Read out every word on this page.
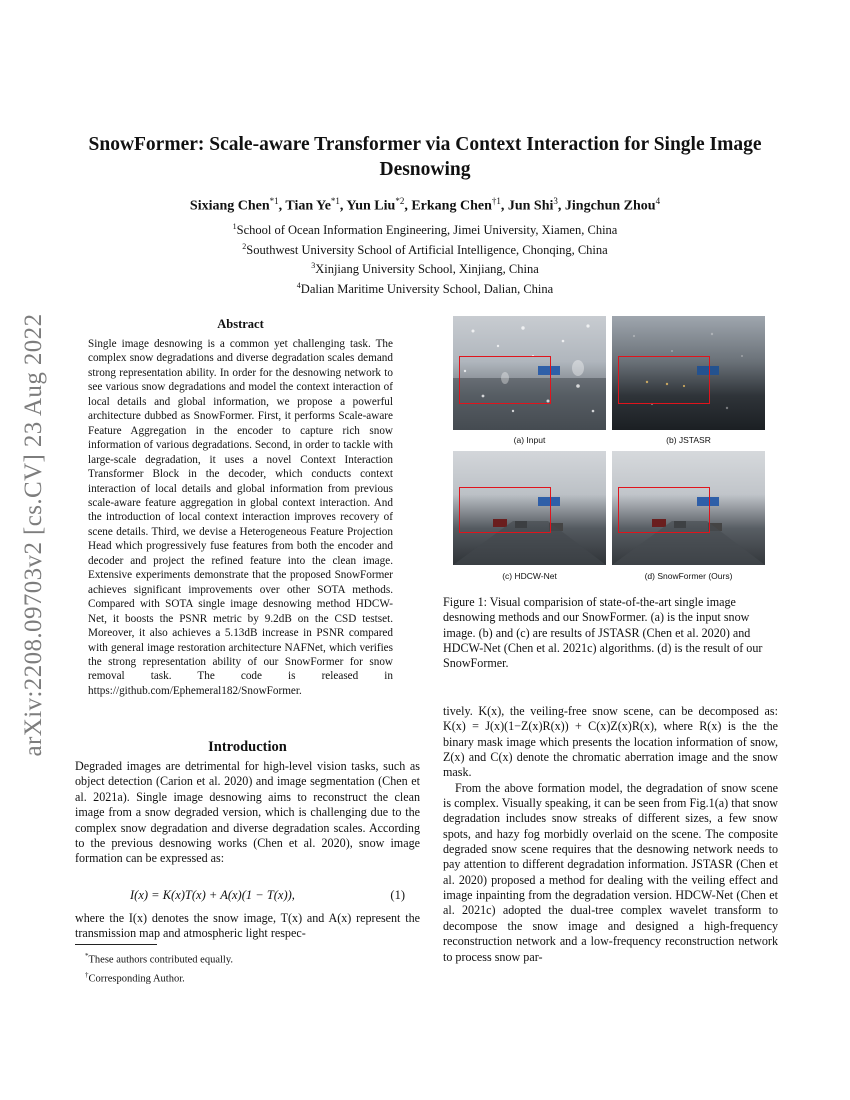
arXiv:2208.09703v2 [cs.CV] 23 Aug 2022
SnowFormer: Scale-aware Transformer via Context Interaction for Single Image Desnowing
Sixiang Chen$^{*1}$, Tian Ye$^{*1}$, Yun Liu$^{*2}$, Erkang Chen$^{\dagger 1}$, Jun Shi$^3$, Jingchun Zhou$^4$
$^1$School of Ocean Information Engineering, Jimei University, Xiamen, China
$^2$Southwest University School of Artificial Intelligence, Chonqing, China
$^3$Xinjiang University School, Xinjiang, China
$^4$Dalian Maritime University School, Dalian, China
Abstract
Single image desnowing is a common yet challenging task. The complex snow degradations and diverse degradation scales demand strong representation ability. In order for the desnowing network to see various snow degradations and model the context interaction of local details and global information, we propose a powerful architecture dubbed as SnowFormer. First, it performs Scale-aware Feature Aggregation in the encoder to capture rich snow information of various degradations. Second, in order to tackle with large-scale degradation, it uses a novel Context Interaction Transformer Block in the decoder, which conducts context interaction of local details and global information from previous scale-aware feature aggregation in global context interaction. And the introduction of local context interaction improves recovery of scene details. Third, we devise a Heterogeneous Feature Projection Head which progressively fuse features from both the encoder and decoder and project the refined feature into the clean image. Extensive experiments demonstrate that the proposed SnowFormer achieves significant improvements over other SOTA methods. Compared with SOTA single image desnowing method HDCW-Net, it boosts the PSNR metric by 9.2dB on the CSD testset. Moreover, it also achieves a 5.13dB increase in PSNR compared with general image restoration architecture NAFNet, which verifies the strong representation ability of our SnowFormer for snow removal task. The code is released in https://github.com/Ephemeral182/SnowFormer.
Introduction
Degraded images are detrimental for high-level vision tasks, such as object detection (Carion et al. 2020) and image segmentation (Chen et al. 2021a). Single image desnowing aims to reconstruct the clean image from a snow degraded version, which is challenging due to the complex snow degradation and diverse degradation scales. According to the previous desnowing works (Chen et al. 2020), snow image formation can be expressed as:
I(x) = K(x)T(x) + A(x)(1 − T(x)),	(1)
where the I(x) denotes the snow image, T(x) and A(x) represent the transmission map and atmospheric light respec-
*These authors contributed equally.
†Corresponding Author.
(a) Input	(b) JSTASR
(c) HDCW-Net	(d) SnowFormer (Ours)
Figure 1: Visual comparision of state-of-the-art single image desnowing methods and our SnowFormer. (a) is the input snow image. (b) and (c) are results of JSTASR (Chen et al. 2020) and HDCW-Net (Chen et al. 2021c) algorithms. (d) is the result of our SnowFormer.

tively. K(x), the veiling-free snow scene, can be decomposed as: K(x) = J(x)(1−Z(x)R(x)) + C(x)Z(x)R(x), where R(x) is the the binary mask image which presents the location information of snow, Z(x) and C(x) denote the chromatic aberration image and the snow mask.

From the above formation model, the degradation of snow scene is complex. Visually speaking, it can be seen from Fig.1(a) that snow degradation includes snow streaks of different sizes, a few snow spots, and hazy fog morbidly overlaid on the scene. The composite degraded snow scene requires that the desnowing network needs to pay attention to different degradation information. JSTASR (Chen et al. 2020) proposed a method for dealing with the veiling effect and image inpainting from the degradation version. HDCW-Net (Chen et al. 2021c) adopted the dual-tree complex wavelet transform to decompose the snow image and designed a high-frequency reconstruction network and a low-frequency reconstruction network to process snow par-
